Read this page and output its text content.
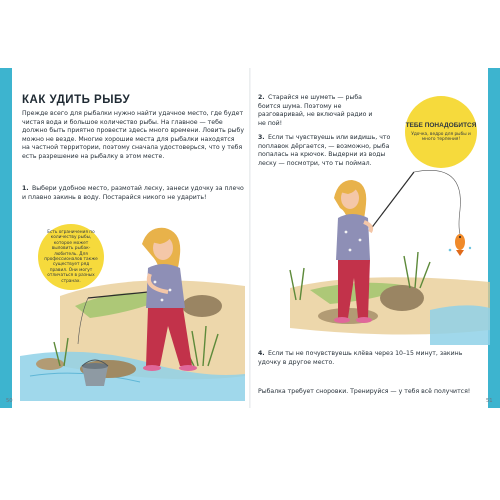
КАК УДИТЬ РЫБУ
Прежде всего для рыбалки нужно найти удачное место, где будет чистая вода и большое количество рыбы. На главное — тебе должно быть приятно провести здесь много времени. Ловить рыбу можно не везде. Многие хорошие места для рыбалки находятся на частной территории, поэтому сначала удостоверься, что у тебя есть разрешение на рыбалку в этом месте.
1. Выбери удобное место, размотай леску, занеси удочку за плечо и плавно закинь в воду. Постарайся никого не ударить!
Есть ограничения по количеству рыбы, которое может выловить рыбак-любитель. Для профессионалов также существует ряд правил. Они могут отличаться в разных странах.
50
2. Старайся не шуметь — рыба боится шума. Поэтому не разговаривай, не включай радио и не пой!	ТЕБЕ ПОНАДОБИТСЯ
Удочка, ведро для рыбы и много терпения!
3. Если ты чувствуешь или видишь, что поплавок дёргается, — возможно, рыба попалась на крючок. Выдерни из воды леску — посмотри, что ты поймал.
4. Если ты не почувствуешь клёва через 10–15 минут, закинь удочку в другое место.
Рыбалка требует сноровки. Тренируйся — у тебя всё получится!
51
